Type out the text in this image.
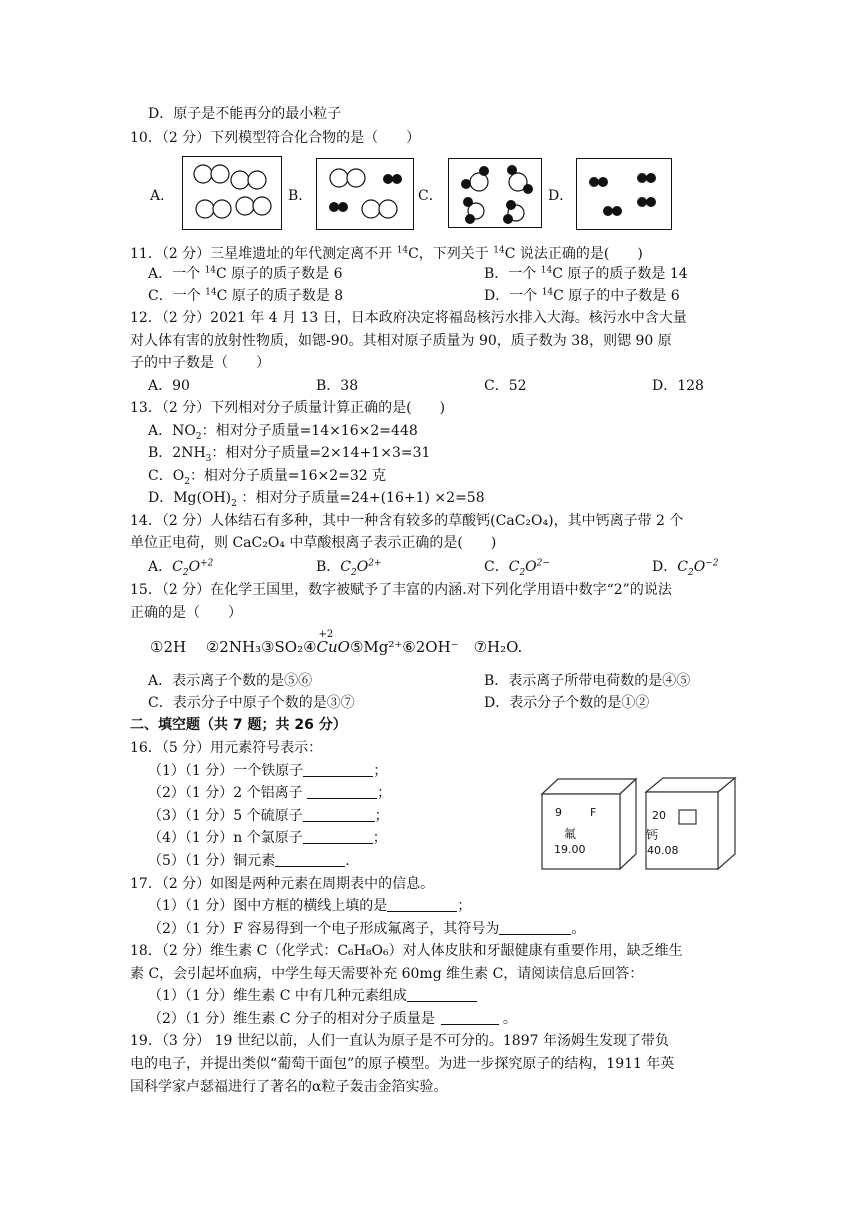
D．原子是不能再分的最小粒子
10．（2 分）下列模型符合化合物的是（　　）
A．	B．	C．	D．
11．（2 分）三星堆遗址的年代测定离不开 $^{14}$C，下列关于 $^{14}$C 说法正确的是(　　)
A．一个 $^{14}$C 原子的质子数是 6	B．一个 $^{14}$C 原子的质子数是 14
C．一个 $^{14}$C 原子的质子数是 8	D．一个 $^{14}$C 原子的中子数是 6
12．（2 分）2021 年 4 月 13 日，日本政府决定将福岛核污水排入大海。核污水中含大量
对人体有害的放射性物质，如锶-90。其相对原子质量为 90，质子数为 38，则锶 90 原
子的中子数是（　　）
A．90	B．38	C．52	D．128
13．（2 分）下列相对分子质量计算正确的是(　　)
A．$NO_2$：相对分子质量=14×16×2=448
B．$2NH_3$：相对分子质量=2×14+1×3=31
C．$O_2$：相对分子质量=16×2=32 克
D．$Mg(OH)_2$ ：相对分子质量=24+(16+1) ×2=58
14．（2 分）人体结石有多种，其中一种含有较多的草酸钙(CaC₂O₄)，其中钙离子带 2 个
单位正电荷，则 CaC₂O₄ 中草酸根离子表示正确的是(　　)
A．$C_2O^{+2}$	B．$C_2O^{2+}$	C．$C_2O^{2-}$	D．$C_2O^{-2}$
15．（2 分）在化学王国里，数字被赋予了丰富的内涵.对下列化学用语中数字“2”的说法
正确的是（　　）
①2H　 ②2NH₃③SO₂④
+2
CuO⑤Mg²⁺⑥2OH⁻　⑦H₂O.
A．表示离子个数的是⑤⑥	B．表示离子所带电荷数的是④⑤
C．表示分子中原子个数的是③⑦	D．表示分子个数的是①②
二、填空题（共 7 题；共 26 分）
16．（5 分）用元素符号表示：
（1）（1 分）一个铁原子	；
（2）（1 分）2 个铝离子	；
（3）（1 分）5 个硫原子	；
（4）（1 分）n 个氯原子	；
（5）（1 分）铜元素	.
9	F
氟
19.00
20
钙
40.08
17．（2 分）如图是两种元素在周期表中的信息。
（1）（1 分）图中方框的横线上填的是	；
（2）（1 分）F 容易得到一个电子形成氟离子，其符号为	。
18．（2 分）维生素 C（化学式：C₆H₈O₆）对人体皮肤和牙龈健康有重要作用，缺乏维生
素 C，会引起坏血病，中学生每天需要补充 60mg 维生素 C，请阅读信息后回答：
（1）（1 分）维生素 C 中有几种元素组成
（2）（1 分）维生素 C 分子的相对分子质量是	。
19．（3 分） 19 世纪以前，人们一直认为原子是不可分的。1897 年汤姆生发现了带负
电的电子，并提出类似“葡萄干面包”的原子模型。为进一步探究原子的结构，1911 年英
国科学家卢瑟福进行了著名的α粒子轰击金箔实验。
